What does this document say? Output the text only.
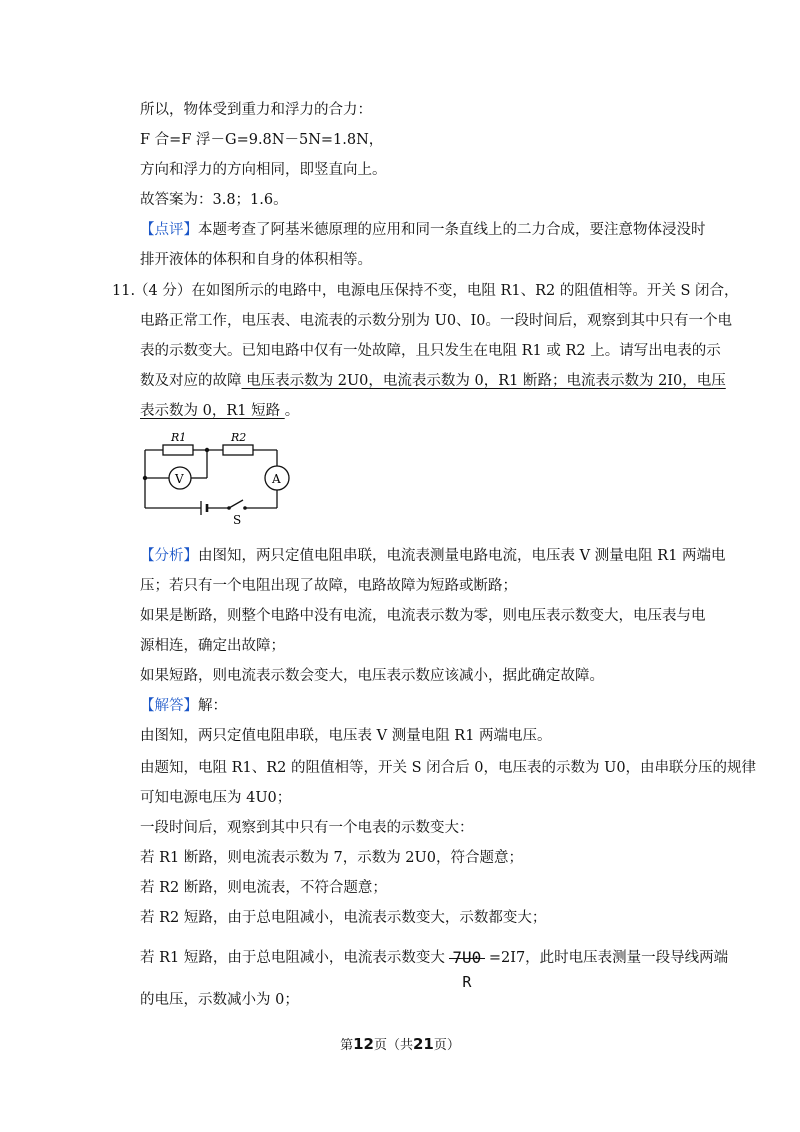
所以，物体受到重力和浮力的合力：
F 合=F 浮－G=9.8N－5N=1.8N，
方向和浮力的方向相同，即竖直向上。
故答案为：3.8；1.6。
【点评】本题考查了阿基米德原理的应用和同一条直线上的二力合成，要注意物体浸没时
排开液体的体积和自身的体积相等。
11.
（4 分）在如图所示的电路中，电源电压保持不变，电阻 R1、R2 的阻值相等。开关 S 闭合，
电路正常工作，电压表、电流表的示数分别为 U0、I0。一段时间后，观察到其中只有一个电
表的示数变大。已知电路中仅有一处故障，且只发生在电阻 R1 或 R2 上。请写出电表的示
数及对应的故障 电压表示数为 2U0，电流表示数为 0，R1 断路；电流表示数为 2I0，电压
表示数为 0，R1 短路 。
R1	R2
V	A
S
【分析】由图知，两只定值电阻串联，电流表测量电路电流，电压表 V 测量电阻 R1 两端电
压；若只有一个电阻出现了故障，电路故障为短路或断路；
如果是断路，则整个电路中没有电流，电流表示数为零，则电压表示数变大，电压表与电
源相连，确定出故障；
如果短路，则电流表示数会变大，电压表示数应该减小，据此确定故障。
【解答】解：
由图知，两只定值电阻串联，电压表 V 测量电阻 R1 两端电压。
由题知，电阻 R1、R2 的阻值相等，开关 S 闭合后 0，电压表的示数为 U0，由串联分压的规律
可知电源电压为 4U0；
一段时间后，观察到其中只有一个电表的示数变大：
若 R1 断路，则电流表示数为 7，示数为 2U0，符合题意；
若 R2 断路，则电流表，不符合题意；
若 R2 短路，由于总电阻减小，电流表示数变大，示数都变大；
若 R1 短路，由于总电阻减小，电流表示数变大 7U0
R
=2I7，此时电压表测量一段导线两端
的电压，示数减小为 0；
第12页（共21页）
